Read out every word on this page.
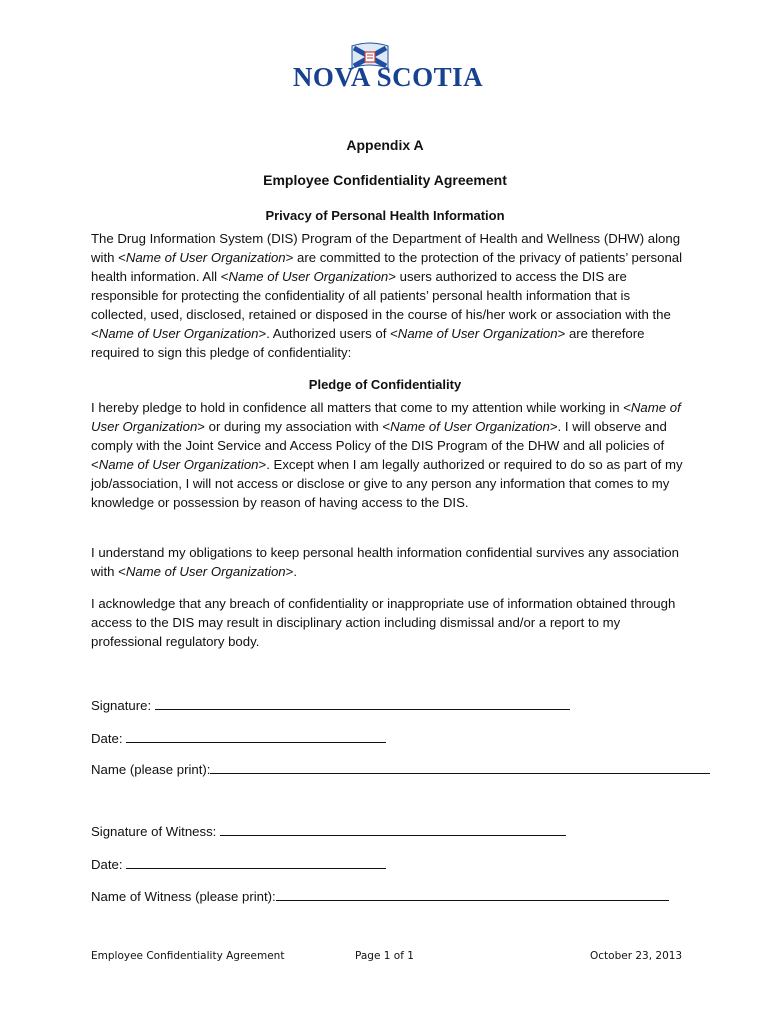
NOVA SCOTIA
Appendix A
Employee Confidentiality Agreement
Privacy of Personal Health Information

The Drug Information System (DIS) Program of the Department of Health and Wellness (DHW) along with <Name of User Organization> are committed to the protection of the privacy of patients’ personal health information. All <Name of User Organization> users authorized to access the DIS are responsible for protecting the confidentiality of all patients’ personal health information that is collected, used, disclosed, retained or disposed in the course of his/her work or association with the <Name of User Organization>. Authorized users of <Name of User Organization> are therefore required to sign this pledge of confidentiality:

Pledge of Confidentiality

I hereby pledge to hold in confidence all matters that come to my attention while working in <Name of User Organization> or during my association with <Name of User Organization>. I will observe and comply with the Joint Service and Access Policy of the DIS Program of the DHW and all policies of <Name of User Organization>. Except when I am legally authorized or required to do so as part of my job/association, I will not access or disclose or give to any person any information that comes to my knowledge or possession by reason of having access to the DIS.

I understand my obligations to keep personal health information confidential survives any association with <Name of User Organization>.

I acknowledge that any breach of confidentiality or inappropriate use of information obtained through access to the DIS may result in disciplinary action including dismissal and/or a report to my professional regulatory body.

Signature:
Date:
Name (please print):
Signature of Witness:
Date:
Name of Witness (please print):
Employee Confidentiality Agreement	Page 1 of 1	October 23, 2013
